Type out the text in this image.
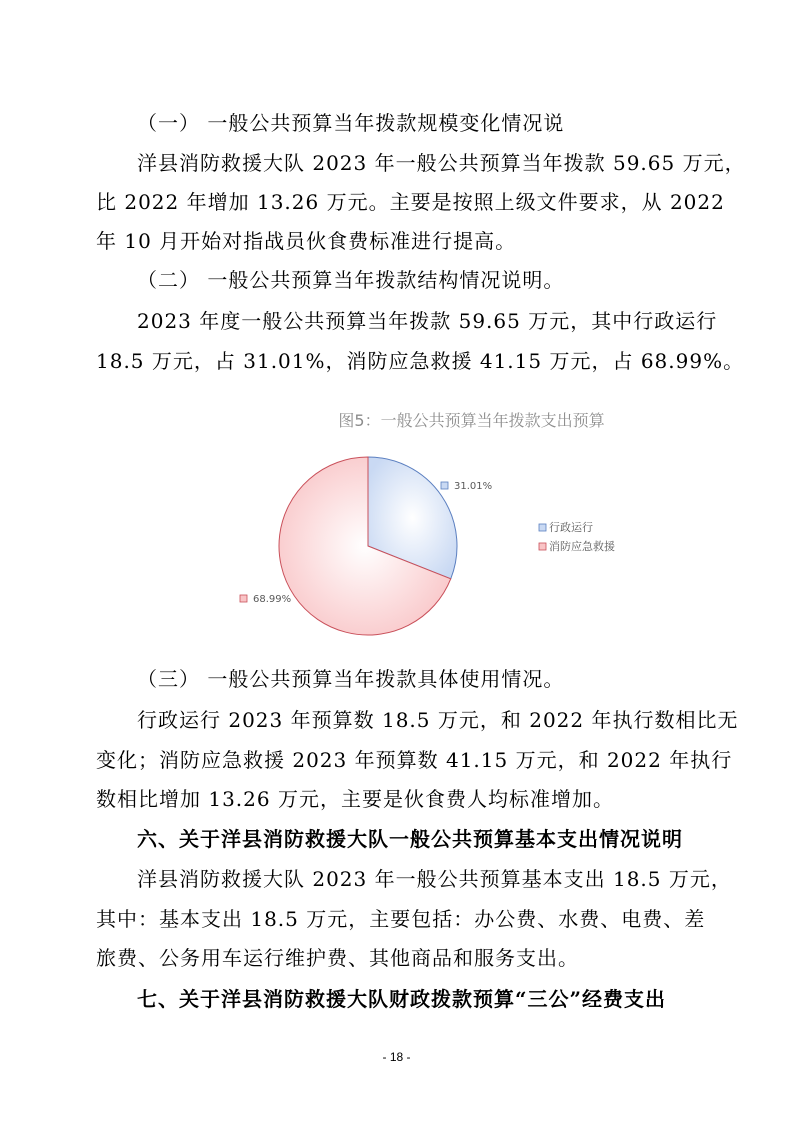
（一） 一般公共预算当年拨款规模变化情况说
洋县消防救援大队 2023 年一般公共预算当年拨款 59.65 万元，
比 2022 年增加 13.26 万元。主要是按照上级文件要求，从 2022
年 10 月开始对指战员伙食费标准进行提高。
（二） 一般公共预算当年拨款结构情况说明。
2023 年度一般公共预算当年拨款 59.65 万元，其中行政运行
18.5 万元，占 31.01%，消防应急救援 41.15 万元，占 68.99%。
图5：一般公共预算当年拨款支出预算
31.01%
68.99%
行政运行
消防应急救援
（三） 一般公共预算当年拨款具体使用情况。
行政运行 2023 年预算数 18.5 万元，和 2022 年执行数相比无
变化；消防应急救援 2023 年预算数 41.15 万元，和 2022 年执行
数相比增加 13.26 万元，主要是伙食费人均标准增加。
六、关于洋县消防救援大队一般公共预算基本支出情况说明
洋县消防救援大队 2023 年一般公共预算基本支出 18.5 万元，
其中：基本支出 18.5 万元，主要包括：办公费、水费、电费、差
旅费、公务用车运行维护费、其他商品和服务支出。
七、关于洋县消防救援大队财政拨款预算“三公”经费支出
- 18 -
